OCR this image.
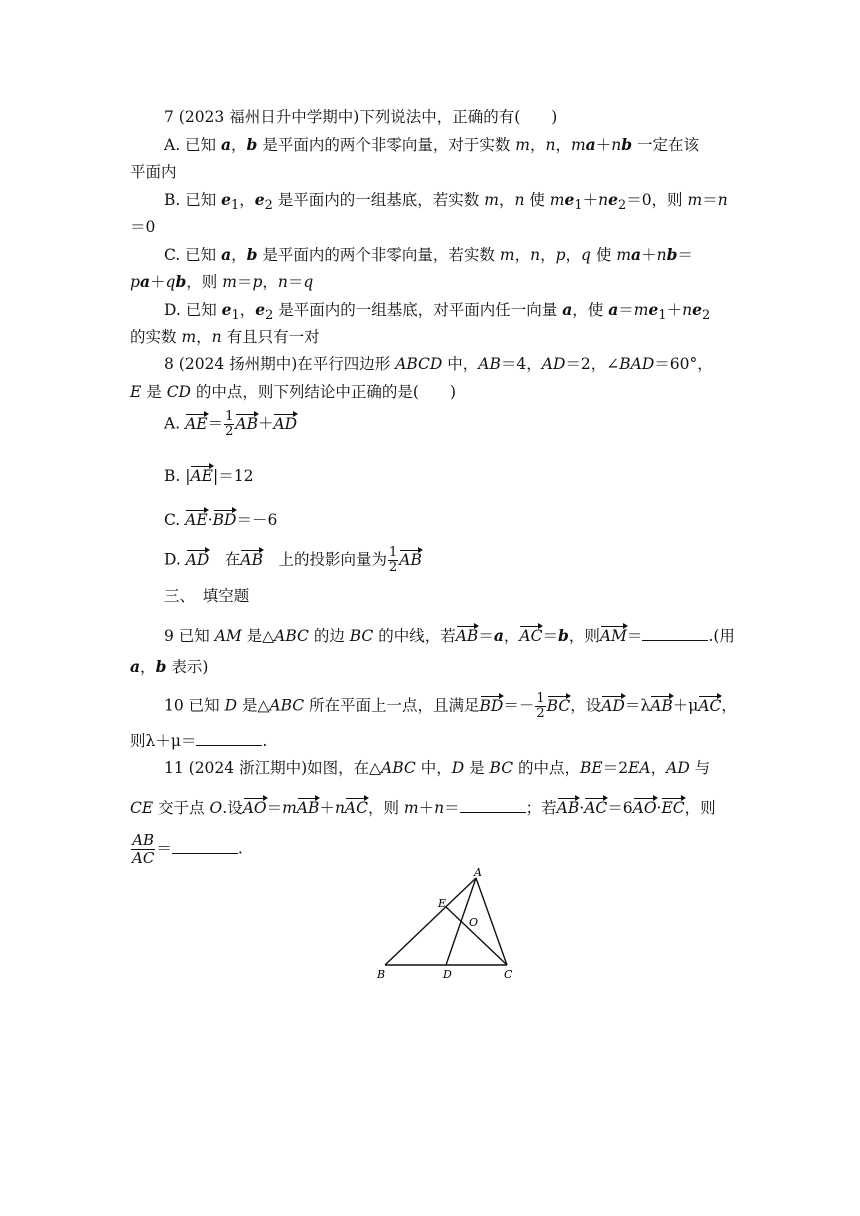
7 (2023 福州日升中学期中)下列说法中，正确的有(　　)
A. 已知 a，b 是平面内的两个非零向量，对于实数 m，n，ma＋nb 一定在该
平面内
B. 已知 $e_1$，$e_2$ 是平面内的一组基底，若实数 m，n 使 $me_1+ne_2=0$，则 m＝n
＝0
C. 已知 a，b 是平面内的两个非零向量，若实数 m，n，p，q 使 ma＋nb＝
pa＋qb，则 m＝p，n＝q
D. 已知 $e_1$，$e_2$ 是平面内的一组基底，对平面内任一向量 a，使 $a=me_1+ne_2$
的实数 m，n 有且只有一对
8 (2024 扬州期中)在平行四边形 ABCD 中，AB＝4，AD＝2，∠BAD＝60°，
E 是 CD 的中点，则下列结论中正确的是(　　)
A. $AE= \frac{1}{2} AB+AD$
B. |AE|＝12
C. AE·BD＝－6
D. AD　在AB　上的投影向量为 $\frac{1}{2}$ AB
三、　填空题
9 已知 AM 是△ABC 的边 BC 的中线，若AB＝a，AC＝b，则AM＝	.(用
a，b 表示)
10 已知 D 是△ABC 所在平面上一点，且满足$BD=- \frac{1}{2}$ BC，设AD＝λAB＋μAC，
则λ＋μ＝	.
11 (2024 浙江期中)如图，在△ABC 中，D 是 BC 的中点，BE＝2EA，AD 与
CE 交于点 O.设AO＝mAB＋nAC，则 m＋n＝	；若AB·AC＝6AO·EC，则
$\frac{AB}{AC}$ ＝	.
A
B	C
D
E
O
